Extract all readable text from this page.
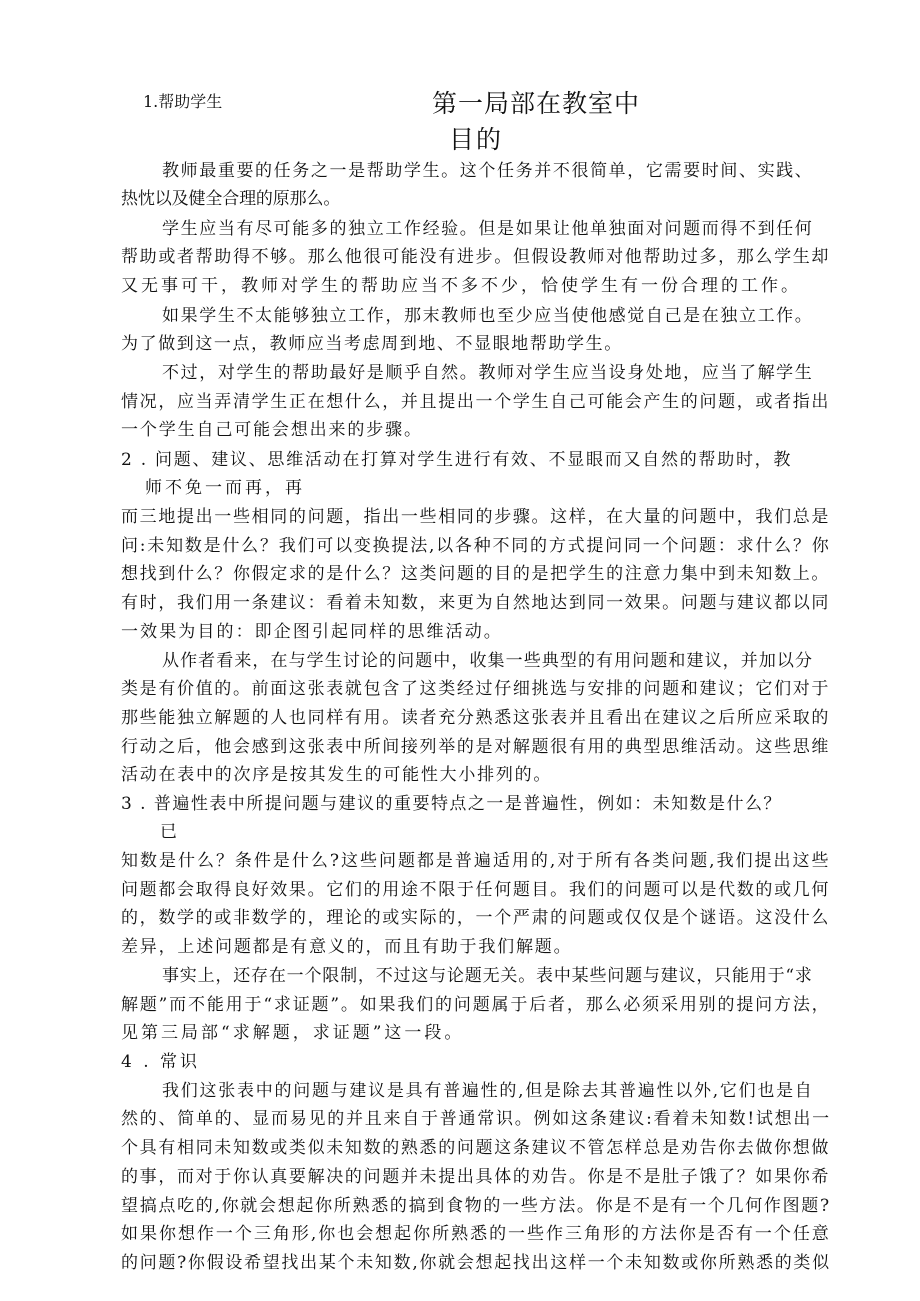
1.帮助学生	第一局部在教室中
目的
教师最重要的任务之一是帮助学生。这个任务并不很简单，它需要时间、实践、
热忱以及健全合理的原那么。
学生应当有尽可能多的独立工作经验。但是如果让他单独面对问题而得不到任何
帮助或者帮助得不够。那么他很可能没有进步。但假设教师对他帮助过多，那么学生却
又无事可干，教师对学生的帮助应当不多不少，恰使学生有一份合理的工作。
如果学生不太能够独立工作，那末教师也至少应当使他感觉自己是在独立工作。
为了做到这一点，教师应当考虑周到地、不显眼地帮助学生。
不过，对学生的帮助最好是顺乎自然。教师对学生应当设身处地，应当了解学生
情况，应当弄清学生正在想什么，并且提出一个学生自己可能会产生的问题，或者指出
一个学生自己可能会想出来的步骤。
2 . 问题、建议、思维活动在打算对学生进行有效、不显眼而又自然的帮助时，教
师不免一而再，再
而三地提出一些相同的问题，指出一些相同的步骤。这样，在大量的问题中，我们总是
问:未知数是什么？我们可以变换提法,以各种不同的方式提问同一个问题：求什么？你
想找到什么？你假定求的是什么？这类问题的目的是把学生的注意力集中到未知数上。
有时，我们用一条建议：看着未知数，来更为自然地达到同一效果。问题与建议都以同
一效果为目的：即企图引起同样的思维活动。
从作者看来，在与学生讨论的问题中，收集一些典型的有用问题和建议，并加以分
类是有价值的。前面这张表就包含了这类经过仔细挑选与安排的问题和建议；它们对于
那些能独立解题的人也同样有用。读者充分熟悉这张表并且看出在建议之后所应采取的
行动之后，他会感到这张表中所间接列举的是对解题很有用的典型思维活动。这些思维
活动在表中的次序是按其发生的可能性大小排列的。
3 . 普遍性表中所提问题与建议的重要特点之一是普遍性，例如：未知数是什么？
已
知数是什么？条件是什么?这些问题都是普遍适用的,对于所有各类问题,我们提出这些
问题都会取得良好效果。它们的用途不限于任何题目。我们的问题可以是代数的或几何
的，数学的或非数学的，理论的或实际的，一个严肃的问题或仅仅是个谜语。这没什么
差异，上述问题都是有意义的，而且有助于我们解题。
事实上，还存在一个限制，不过这与论题无关。表中某些问题与建议，只能用于“求
解题”而不能用于“求证题”。如果我们的问题属于后者，那么必须采用别的提问方法，
见第三局部“求解题，求证题”这一段。
4 . 常识
我们这张表中的问题与建议是具有普遍性的,但是除去其普遍性以外,它们也是自
然的、简单的、显而易见的并且来自于普通常识。例如这条建议:看着未知数!试想出一
个具有相同未知数或类似未知数的熟悉的问题这条建议不管怎样总是劝告你去做你想做
的事，而对于你认真要解决的问题并未提出具体的劝告。你是不是肚子饿了？如果你希
望搞点吃的,你就会想起你所熟悉的搞到食物的一些方法。你是不是有一个几何作图题?
如果你想作一个三角形,你也会想起你所熟悉的一些作三角形的方法你是否有一个任意
的问题?你假设希望找出某个未知数,你就会想起找出这样一个未知数或你所熟悉的类似
